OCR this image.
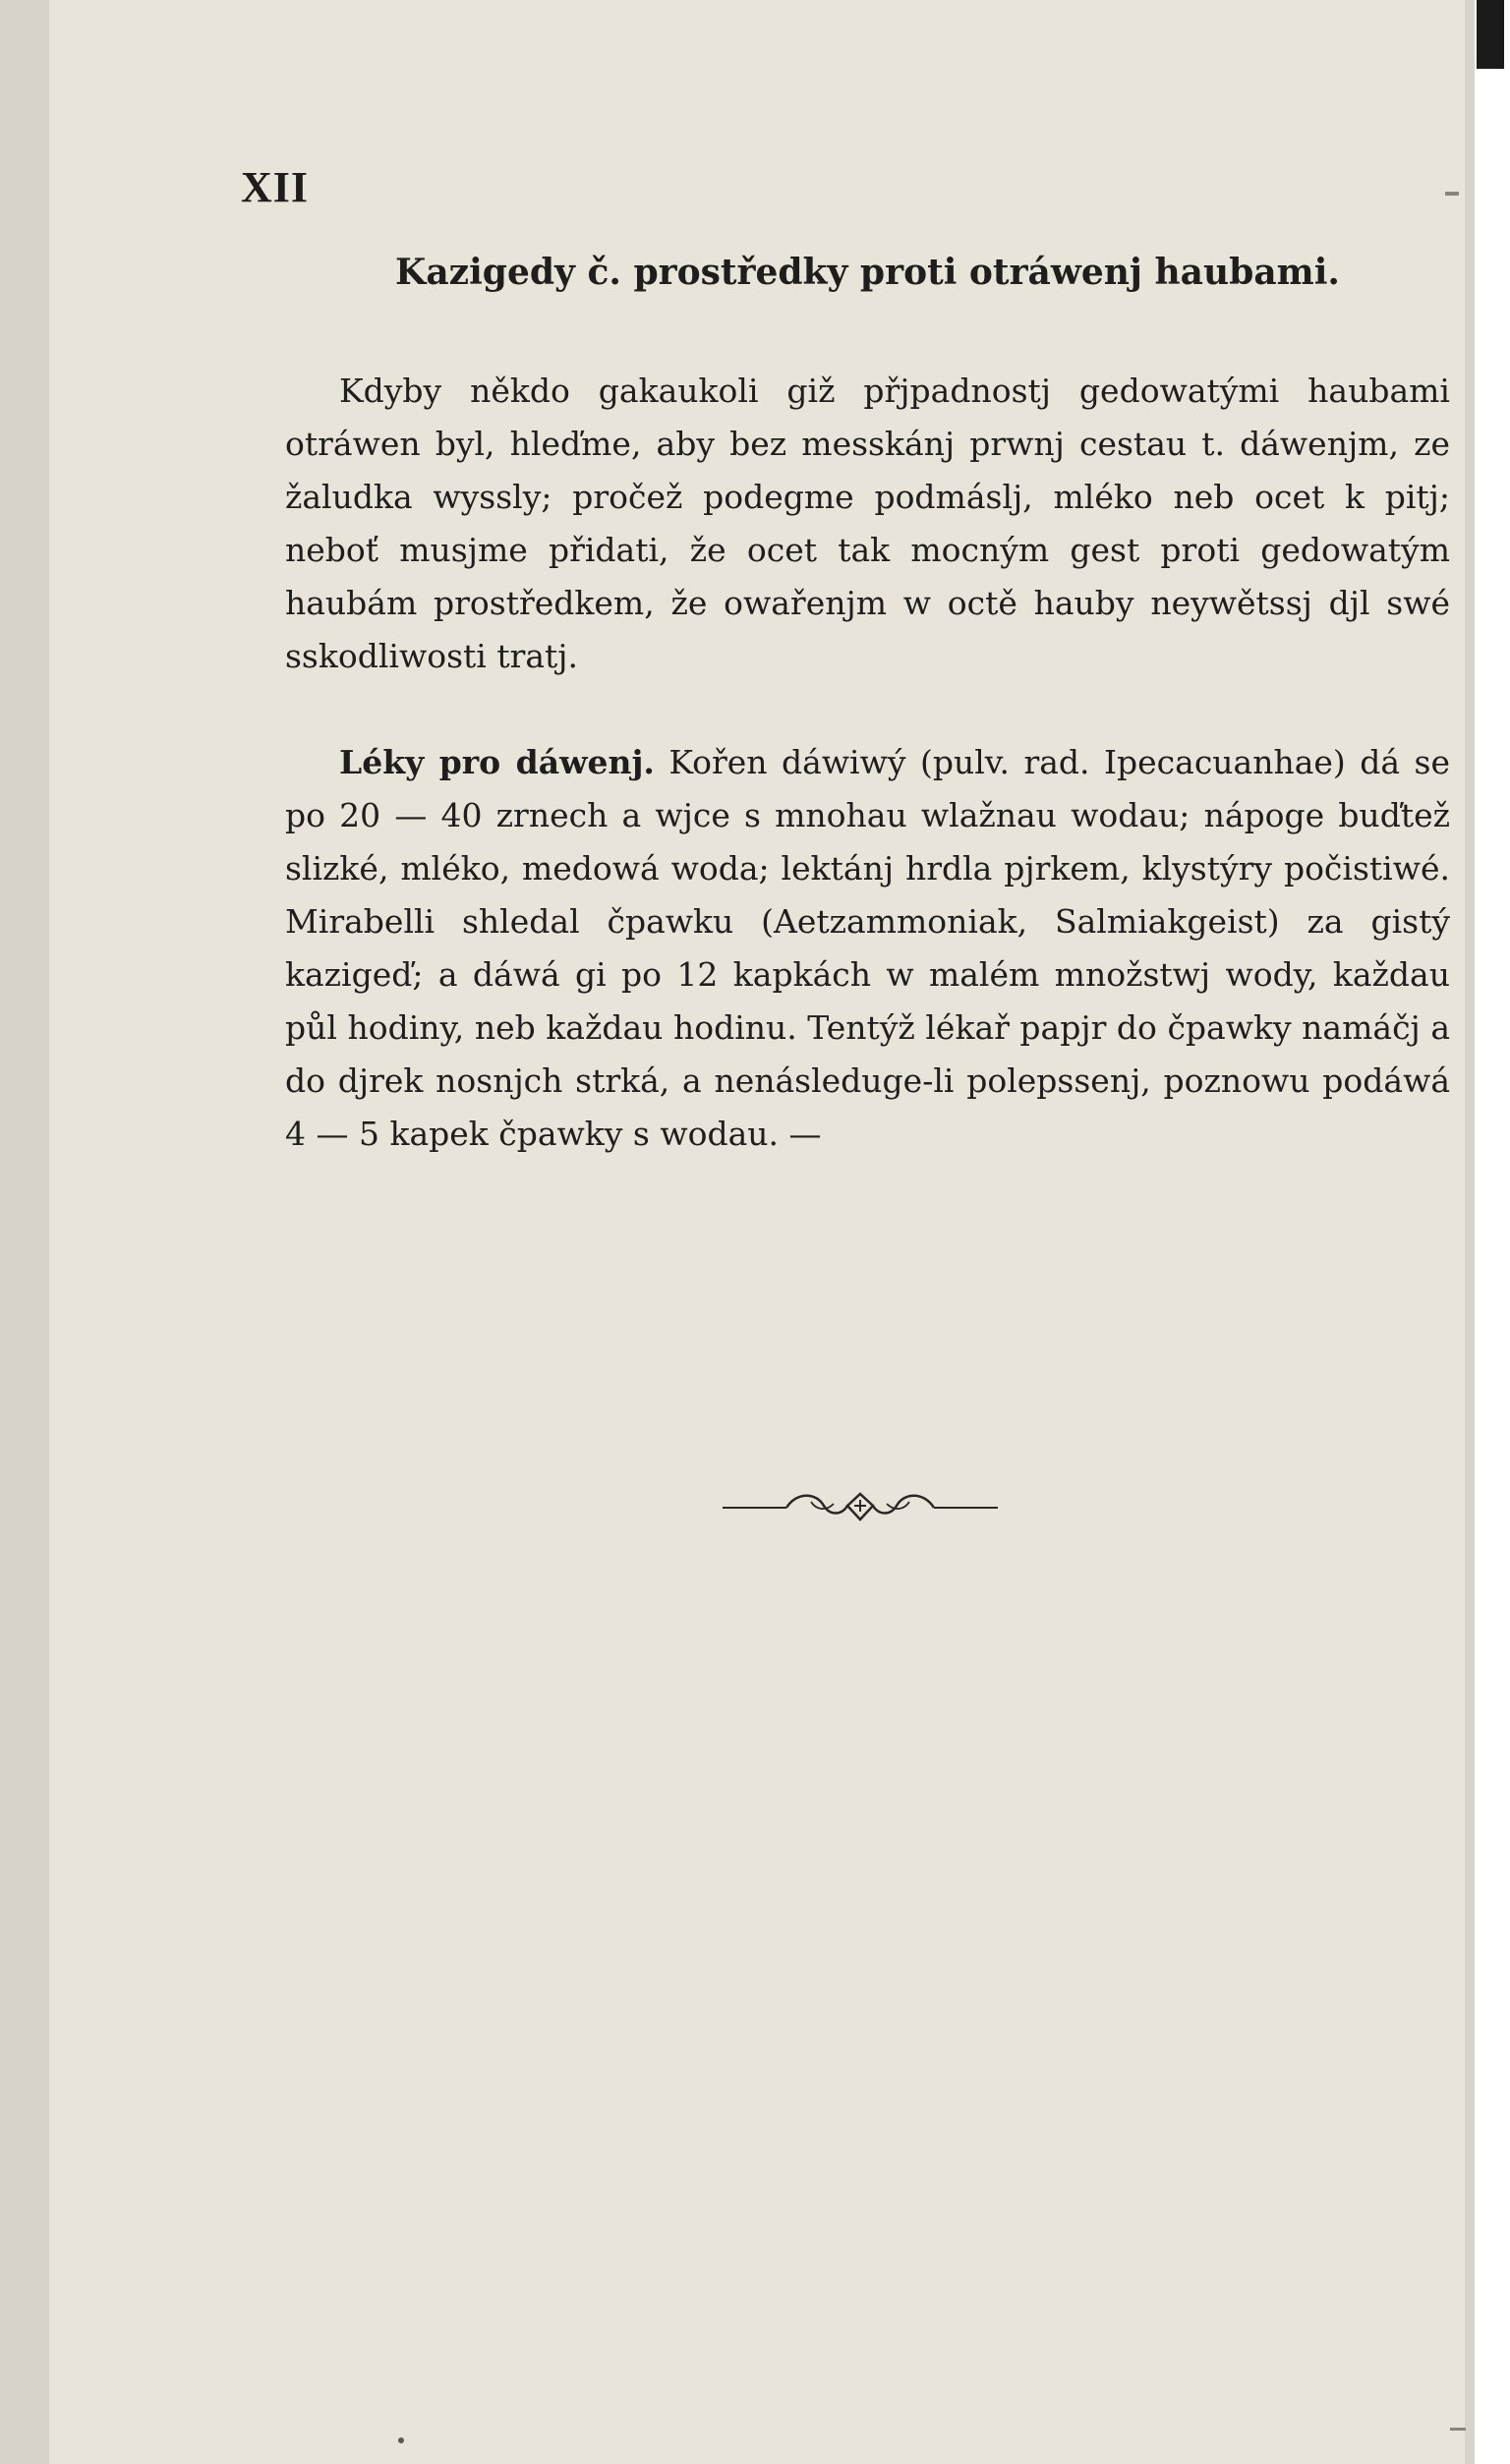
XII
Kazigedy č. prostředky proti otráwenj haubami.

Kdyby někdo gakaukoli giž přjpadnostj gedowatými haubami otráwen byl, hleďme, aby bez messkánj prwnj cestau t. dáwenjm, ze žaludka wyssly; pročež podegme podmáslj, mléko neb ocet k pitj; neboť musjme přidati, že ocet tak mocným gest proti gedowatým haubám prostředkem, že owařenjm w octě hauby neywětssj djl swé sskodliwosti tratj.

Léky pro dáwenj. Kořen dáwiwý (pulv. rad. Ipecacuanhae) dá se po 20 — 40 zrnech a wjce s mnohau wlažnau wodau; nápoge buďtež slizké, mléko, medowá woda; lektánj hrdla pjrkem, klystýry počistiwé. Mirabelli shledal čpawku (Aetzammoniak, Salmiakgeist) za gistý kazigeď; a dáwá gi po 12 kapkách w malém množstwj wody, každau půl hodiny, neb každau hodinu. Tentýž lékař papjr do čpawky namáčj a do djrek nosnjch strká, a nenásleduge-li polepssenj, poznowu podáwá 4 — 5 kapek čpawky s wodau. —
